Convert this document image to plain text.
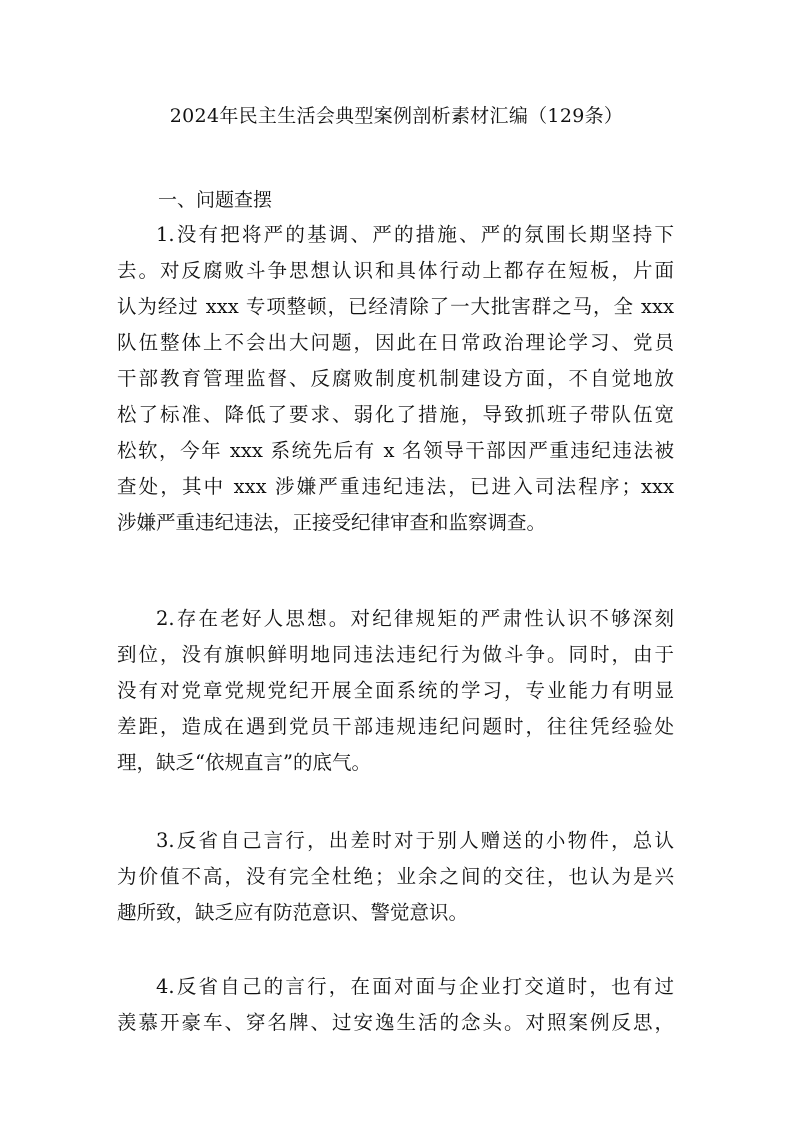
2024年民主生活会典型案例剖析素材汇编（129条）
一、问题查摆
1.没有把将严的基调、严的措施、严的氛围长期坚持下
去。对反腐败斗争思想认识和具体行动上都存在短板，片面
认为经过 xxx 专项整顿，已经清除了一大批害群之马，全 xxx
队伍整体上不会出大问题，因此在日常政治理论学习、党员
干部教育管理监督、反腐败制度机制建设方面，不自觉地放
松了标准、降低了要求、弱化了措施，导致抓班子带队伍宽
松软，今年 xxx 系统先后有 x 名领导干部因严重违纪违法被
查处，其中 xxx 涉嫌严重违纪违法，已进入司法程序；xxx
涉嫌严重违纪违法，正接受纪律审查和监察调查。
2.存在老好人思想。对纪律规矩的严肃性认识不够深刻
到位，没有旗帜鲜明地同违法违纪行为做斗争。同时，由于
没有对党章党规党纪开展全面系统的学习，专业能力有明显
差距，造成在遇到党员干部违规违纪问题时，往往凭经验处
理，缺乏“依规直言”的底气。
3.反省自己言行，出差时对于别人赠送的小物件，总认
为价值不高，没有完全杜绝；业余之间的交往，也认为是兴
趣所致，缺乏应有防范意识、警觉意识。
4.反省自己的言行，在面对面与企业打交道时，也有过
羡慕开豪车、穿名牌、过安逸生活的念头。对照案例反思，
